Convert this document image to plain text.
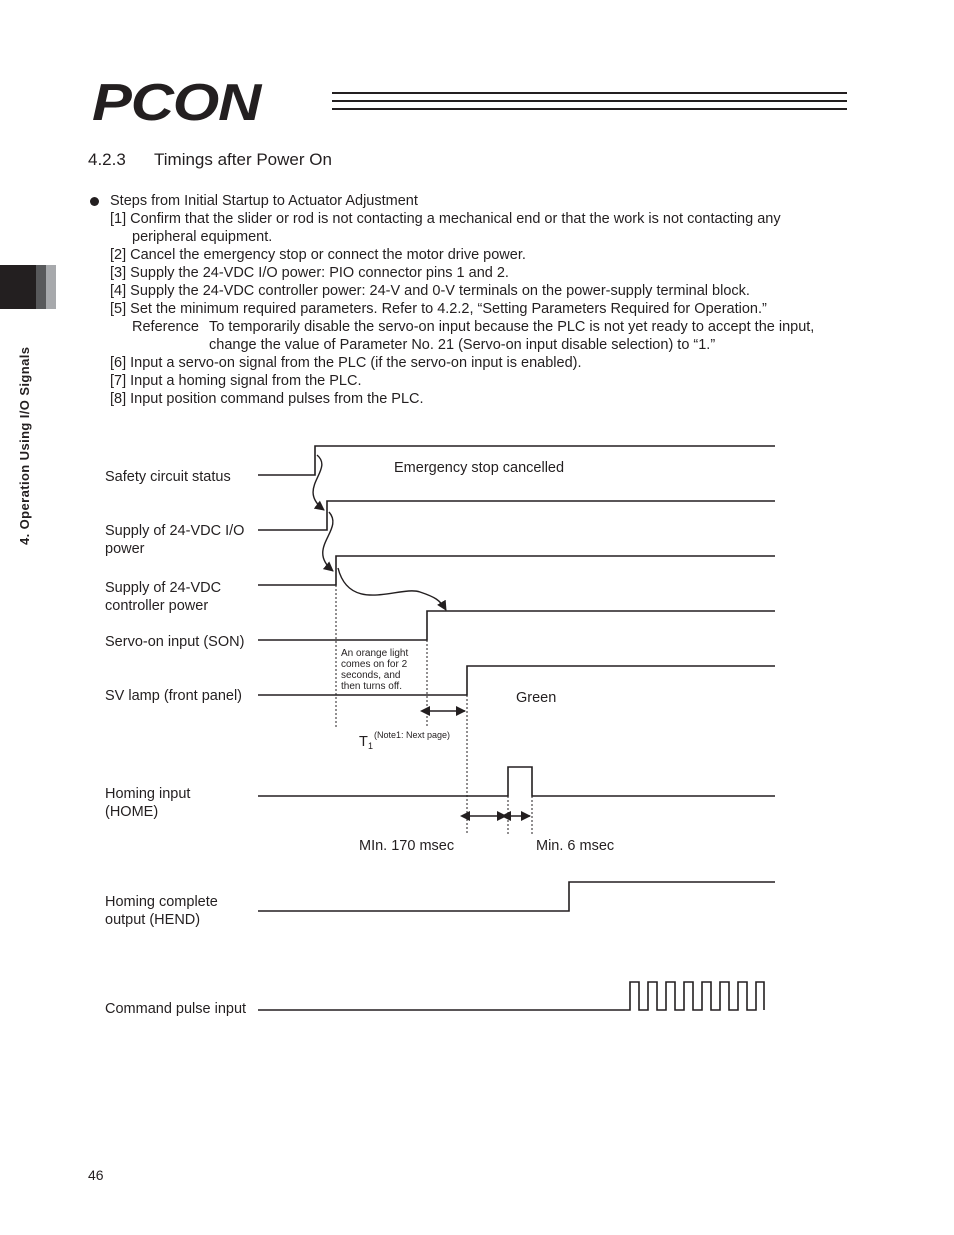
PCON
4. Operation Using I/O Signals
4.2.3 Timings after Power On
Steps from Initial Startup to Actuator Adjustment
[1] Confirm that the slider or rod is not contacting a mechanical end or that the work is not contacting any
peripheral equipment.
[2] Cancel the emergency stop or connect the motor drive power.
[3] Supply the 24-VDC I/O power: PIO connector pins 1 and 2.
[4] Supply the 24-VDC controller power: 24-V and 0-V terminals on the power-supply terminal block.
[5] Set the minimum required parameters. Refer to 4.2.2, “Setting Parameters Required for Operation.”
Reference To temporarily disable the servo-on input because the PLC is not yet ready to accept the input,
change the value of Parameter No. 21 (Servo-on input disable selection) to “1.”
[6] Input a servo-on signal from the PLC (if the servo-on input is enabled).
[7] Input a homing signal from the PLC.
[8] Input position command pulses from the PLC.
Safety circuit status
Supply of 24-VDC I/O
power
Supply of 24-VDC
controller power
Servo-on input (SON)
SV lamp (front panel)
Homing input
(HOME)
Homing complete
output (HEND)
Command pulse input
Emergency stop cancelled
An orange light
comes on for 2
seconds, and
then turns off.
Green
T 1
(Note1: Next page)
MIn. 170 msec	Min. 6 msec
46
